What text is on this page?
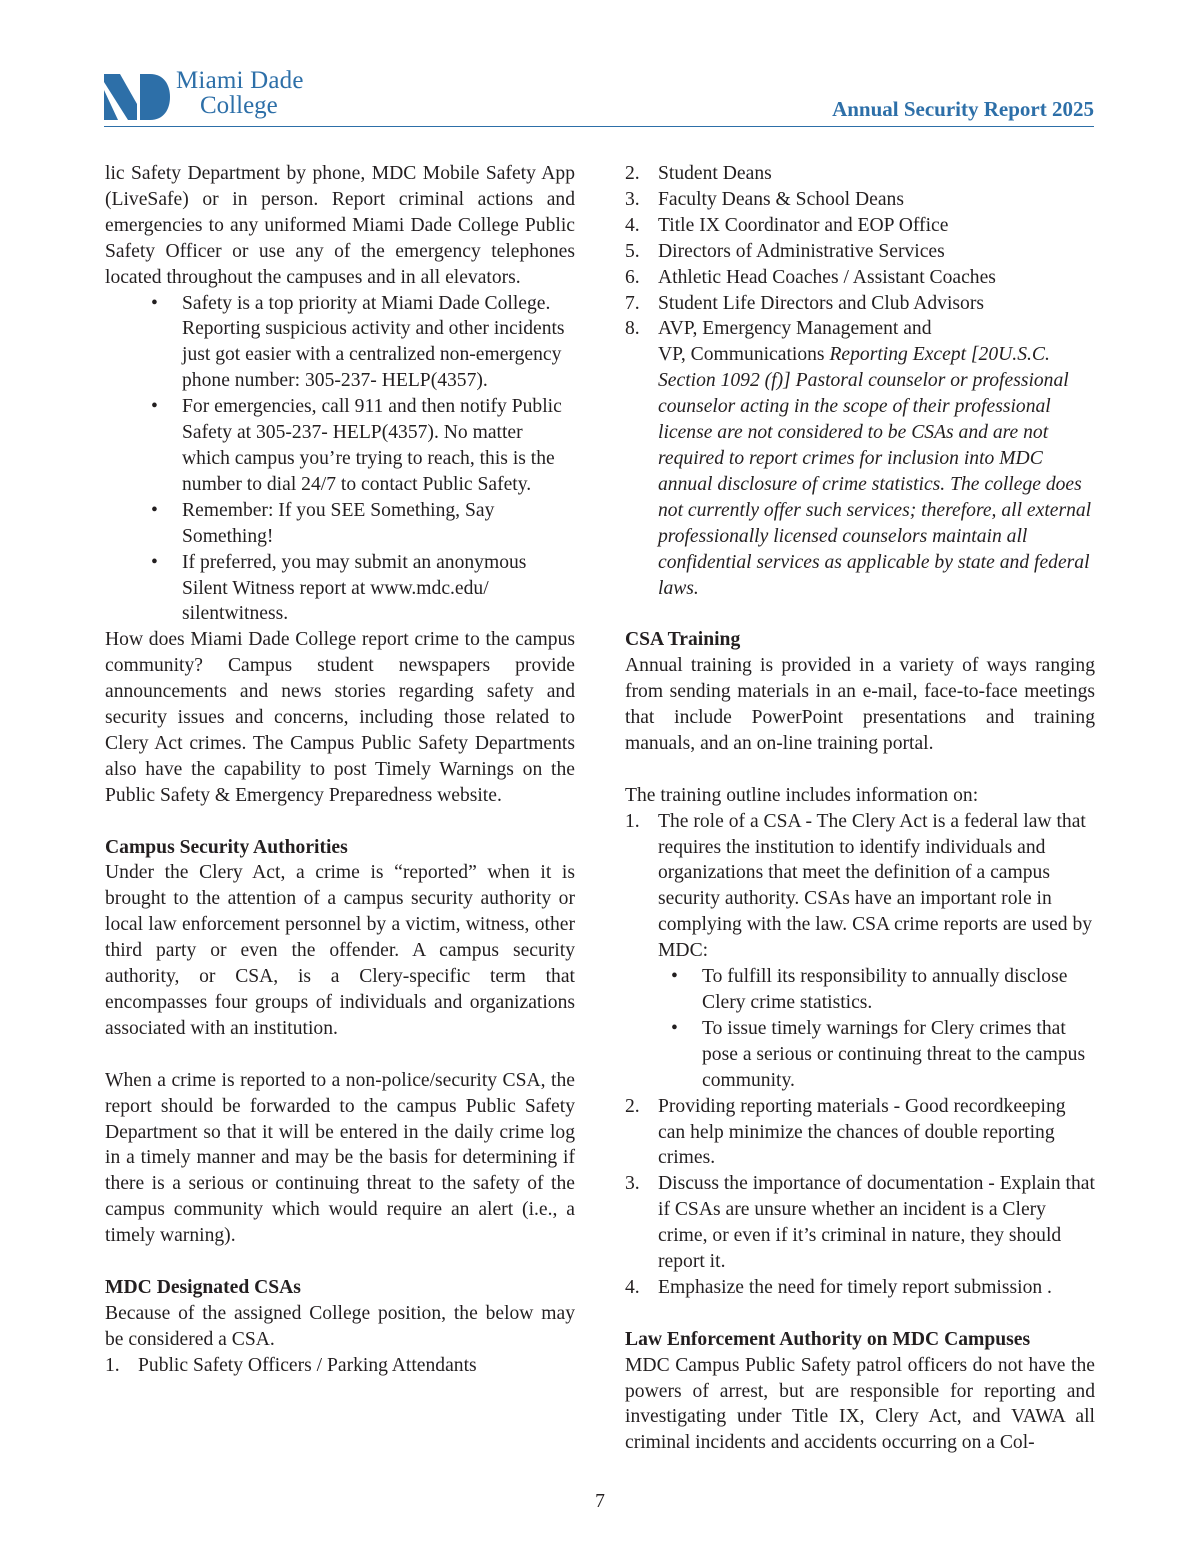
Miami Dade
College	Annual Security Report 2025

lic Safety Department by phone, MDC Mobile Safety App (LiveSafe) or in person. Report criminal actions and emergencies to any uniformed Miami Dade College Public Safety Officer or use any of the emergency telephones located throughout the campuses and in all elevators.

• Safety is a top priority at Miami Dade College. Reporting suspicious activity and other incidents just got easier with a centralized non-emergency phone number: 305-237- HELP(4357).
• For emergencies, call 911 and then notify Public Safety at 305-237- HELP(4357). No matter which campus you’re trying to reach, this is the number to dial 24/7 to contact Public Safety.
• Remember: If you SEE Something, Say Something!
• If preferred, you may submit an anonymous Silent Witness report at www.mdc.edu/ silentwitness.

How does Miami Dade College report crime to the campus community? Campus student newspapers provide announcements and news stories regarding safety and security issues and concerns, including those related to Clery Act crimes. The Campus Public Safety Departments also have the capability to post Timely Warnings on the Public Safety & Emergency Preparedness website.

Campus Security Authorities

Under the Clery Act, a crime is “reported” when it is brought to the attention of a campus security authority or local law enforcement personnel by a victim, witness, other third party or even the offender. A campus security authority, or CSA, is a Clery-specific term that encompasses four groups of individuals and organizations associated with an institution.

When a crime is reported to a non-police/security CSA, the report should be forwarded to the campus Public Safety Department so that it will be entered in the daily crime log in a timely manner and may be the basis for determining if there is a serious or continuing threat to the safety of the campus community which would require an alert (i.e., a timely warning).

MDC Designated CSAs

Because of the assigned College position, the below may be considered a CSA.

1. Public Safety Officers / Parking Attendants
2. Student Deans
3. Faculty Deans & School Deans
4. Title IX Coordinator and EOP Office
5. Directors of Administrative Services
6. Athletic Head Coaches / Assistant Coaches
7. Student Life Directors and Club Advisors
8. AVP, Emergency Management and
VP, Communications Reporting Except [20U.S.C. Section 1092 (f)] Pastoral counselor or professional counselor acting in the scope of their professional license are not considered to be CSAs and are not required to report crimes for inclusion into MDC annual disclosure of crime statistics. The college does not currently offer such services; therefore, all external professionally licensed counselors maintain all confidential services as applicable by state and federal laws.

CSA Training

Annual training is provided in a variety of ways ranging from sending materials in an e-mail, face-to-face meetings that include PowerPoint presentations and training manuals, and an on-line training portal.

The training outline includes information on:

1. The role of a CSA - The Clery Act is a federal law that requires the institution to identify individuals and organizations that meet the definition of a campus security authority. CSAs have an important role in complying with the law. CSA crime reports are used by MDC:
• To fulfill its responsibility to annually disclose Clery crime statistics.
• To issue timely warnings for Clery crimes that pose a serious or continuing threat to the campus community.
2. Providing reporting materials - Good recordkeeping can help minimize the chances of double reporting crimes.
3. Discuss the importance of documentation - Explain that if CSAs are unsure whether an incident is a Clery crime, or even if it’s criminal in nature, they should report it.
4. Emphasize the need for timely report submission .

Law Enforcement Authority on MDC Campuses

MDC Campus Public Safety patrol officers do not have the powers of arrest, but are responsible for reporting and investigating under Title IX, Clery Act, and VAWA all criminal incidents and accidents occurring on a Col-

7
